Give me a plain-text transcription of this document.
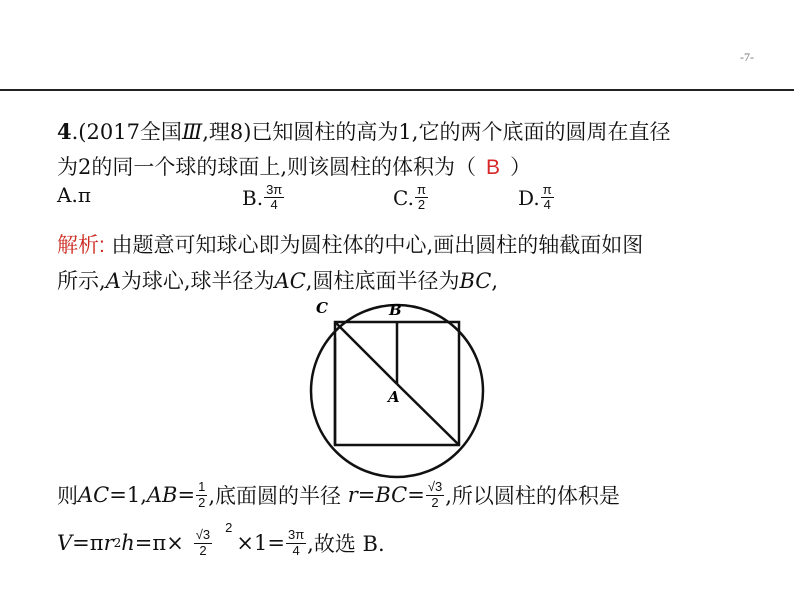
-7-
4.(2017全国Ⅲ,理8)已知圆柱的高为1,它的两个底面的圆周在直径
为2的同一个球的球面上,则该圆柱的体积为（ B ）
A. π	B. $\frac{3\pi}{4}$	C. $\frac{\pi}{2}$	D. $\frac{\pi}{4}$
解析: 由题意可知球心即为圆柱体的中心,画出圆柱的轴截面如图
所示,A为球心,球半径为AC,圆柱底面半径为BC,
C	B
A
则 AC =1, AB = $\frac{1}{2}$ ,底面圆的半径 r = BC = $\frac{√3}{2}$ ,所以圆柱的体积是
V =π r 2 $h =\pi\times \frac{√3}{2}$
2
$\times 1= \frac{3\pi}{4}$ ,故选 B.
